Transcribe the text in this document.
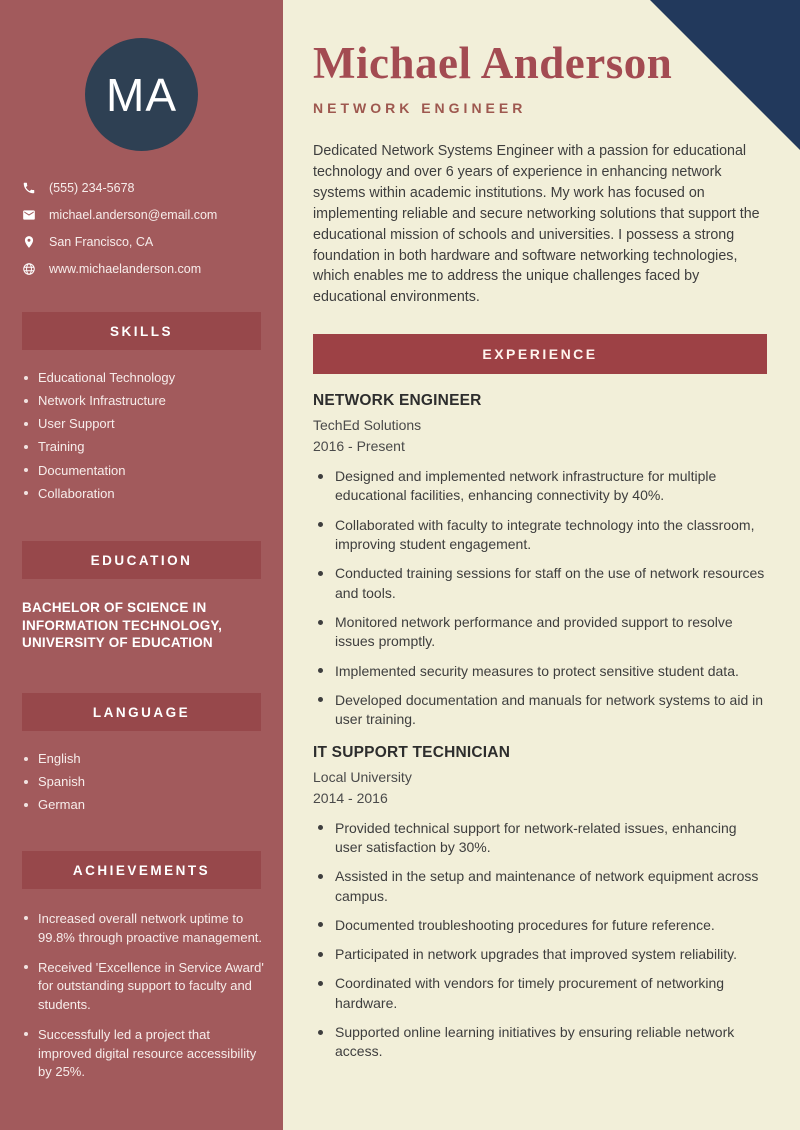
MA
(555) 234-5678
michael.anderson@email.com
San Francisco, CA
www.michaelanderson.com
SKILLS
Educational Technology
Network Infrastructure
User Support
Training
Documentation
Collaboration
EDUCATION
BACHELOR OF SCIENCE IN INFORMATION TECHNOLOGY, UNIVERSITY OF EDUCATION
LANGUAGE
English
Spanish
German
ACHIEVEMENTS
Increased overall network uptime to 99.8% through proactive management.
Received 'Excellence in Service Award' for outstanding support to faculty and students.
Successfully led a project that improved digital resource accessibility by 25%.
Michael Anderson
NETWORK ENGINEER

Dedicated Network Systems Engineer with a passion for educational technology and over 6 years of experience in enhancing network systems within academic institutions. My work has focused on implementing reliable and secure networking solutions that support the educational mission of schools and universities. I possess a strong foundation in both hardware and software networking technologies, which enables me to address the unique challenges faced by educational environments.

EXPERIENCE
NETWORK ENGINEER
TechEd Solutions
2016 - Present
Designed and implemented network infrastructure for multiple educational facilities, enhancing connectivity by 40%.
Collaborated with faculty to integrate technology into the classroom, improving student engagement.
Conducted training sessions for staff on the use of network resources and tools.
Monitored network performance and provided support to resolve issues promptly.
Implemented security measures to protect sensitive student data.
Developed documentation and manuals for network systems to aid in user training.
IT SUPPORT TECHNICIAN
Local University
2014 - 2016
Provided technical support for network-related issues, enhancing user satisfaction by 30%.
Assisted in the setup and maintenance of network equipment across campus.
Documented troubleshooting procedures for future reference.
Participated in network upgrades that improved system reliability.
Coordinated with vendors for timely procurement of networking hardware.
Supported online learning initiatives by ensuring reliable network access.
